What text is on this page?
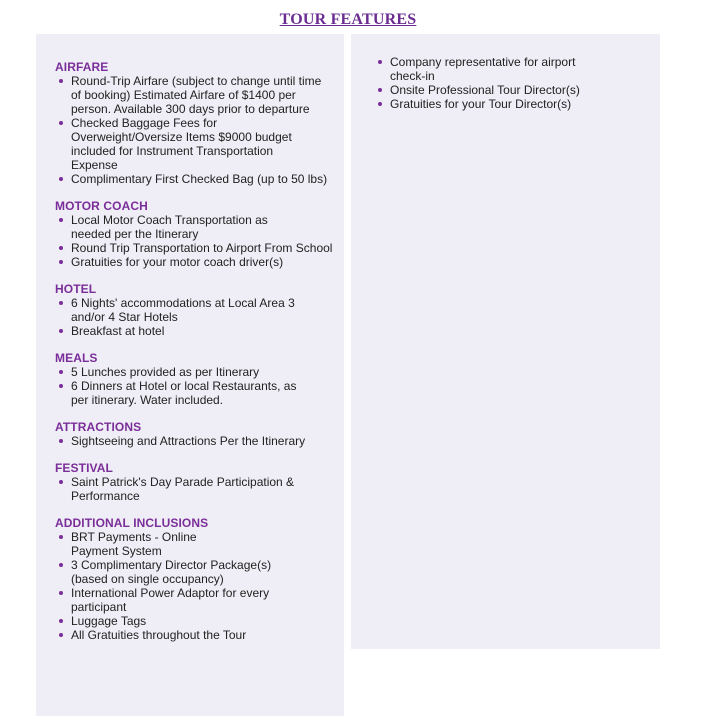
TOUR FEATURES
AIRFARE
Round-Trip Airfare (subject to change until time of booking) Estimated Airfare of $1400 per person. Available 300 days prior to departure
Checked Baggage Fees for Overweight/Oversize Items $9000 budget included for Instrument Transportation Expense
Complimentary First Checked Bag (up to 50 lbs)
MOTOR COACH
Local Motor Coach Transportation as needed per the Itinerary
Round Trip Transportation to Airport From School
Gratuities for your motor coach driver(s)
HOTEL
6 Nights' accommodations at Local Area 3 and/or 4 Star Hotels
Breakfast at hotel
MEALS
5 Lunches provided as per Itinerary
6 Dinners at Hotel or local Restaurants, as per itinerary. Water included.
ATTRACTIONS
Sightseeing and Attractions Per the Itinerary
FESTIVAL
Saint Patrick's Day Parade Participation & Performance
ADDITIONAL INCLUSIONS
BRT Payments - Online Payment System
3 Complimentary Director Package(s) (based on single occupancy)
International Power Adaptor for every participant
Luggage Tags
All Gratuities throughout the Tour
Company representative for airport check-in
Onsite Professional Tour Director(s)
Gratuities for your Tour Director(s)
